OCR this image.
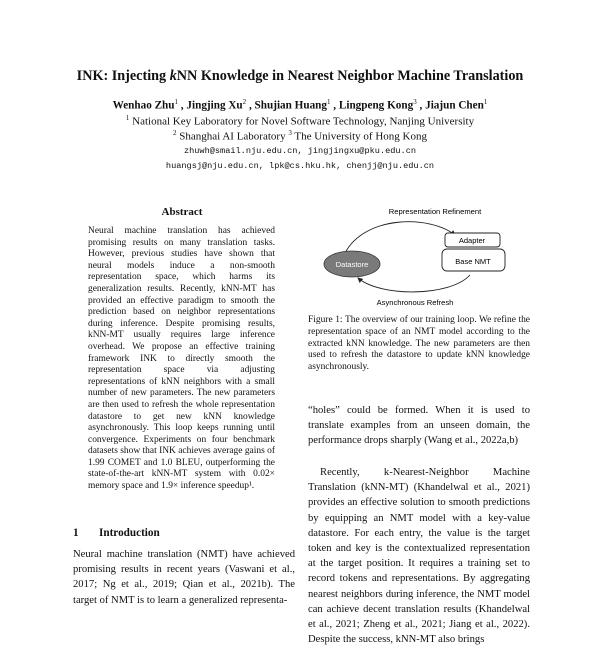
INK: Injecting kNN Knowledge in Nearest Neighbor Machine Translation
Wenhao Zhu$^1$ , Jingjing Xu$^2$ , Shujian Huang$^1$ , Lingpeng Kong$^3$ , Jiajun Chen$^1$
$^1$ National Key Laboratory for Novel Software Technology, Nanjing University
$^2$ Shanghai AI Laboratory $^3$ The University of Hong Kong
zhuwh@smail.nju.edu.cn, jingjingxu@pku.edu.cn
huangsj@nju.edu.cn, lpk@cs.hku.hk, chenjj@nju.edu.cn
Abstract
Neural machine translation has achieved promising results on many translation tasks. However, previous studies have shown that neural models induce a non-smooth representation space, which harms its generalization results. Recently, kNN-MT has provided an effective paradigm to smooth the prediction based on neighbor representations during inference. Despite promising results, kNN-MT usually requires large inference overhead. We propose an effective training framework INK to directly smooth the representation space via adjusting representations of kNN neighbors with a small number of new parameters. The new parameters are then used to refresh the whole representation datastore to get new kNN knowledge asynchronously. This loop keeps running until convergence. Experiments on four benchmark datasets show that INK achieves average gains of 1.99 COMET and 1.0 BLEU, outperforming the state-of-the-art kNN-MT system with 0.02× memory space and 1.9× inference speedup¹.
1 Introduction
Neural machine translation (NMT) have achieved promising results in recent years (Vaswani et al., 2017; Ng et al., 2019; Qian et al., 2021b). The target of NMT is to learn a generalized representa-
Representation Refinement
Datastore
Adapter
Base NMT
Asynchronous Refresh
Figure 1: The overview of our training loop. We refine the representation space of an NMT model according to the extracted kNN knowledge. The new parameters are then used to refresh the datastore to update kNN knowledge asynchronously.
“holes” could be formed. When it is used to translate examples from an unseen domain, the performance drops sharply (Wang et al., 2022a,b)

Recently, k-Nearest-Neighbor Machine Translation (kNN-MT) (Khandelwal et al., 2021) provides an effective solution to smooth predictions by equipping an NMT model with a key-value datastore. For each entry, the value is the target token and key is the contextualized representation at the target position. It requires a training set to record tokens and representations. By aggregating nearest neighbors during inference, the NMT model can achieve decent translation results (Khandelwal et al., 2021; Zheng et al., 2021; Jiang et al., 2022). Despite the success, kNN-MT also brings
